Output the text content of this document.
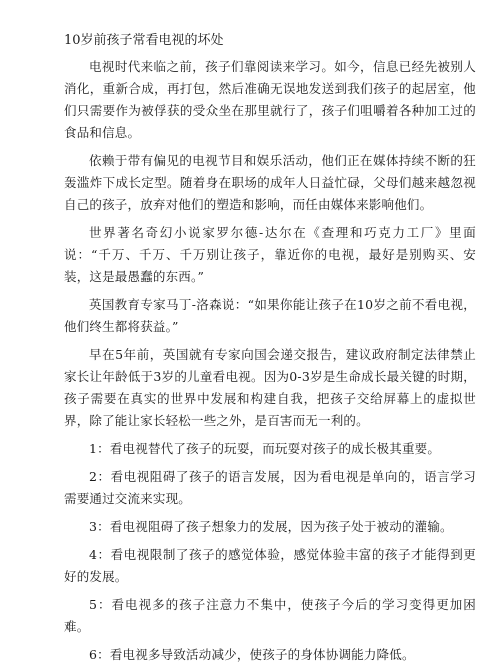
10岁前孩子常看电视的坏处

电视时代来临之前，孩子们靠阅读来学习。如今，信息已经先被别人消化，重新合成，再打包，然后准确无误地发送到我们孩子的起居室，他们只需要作为被俘获的受众坐在那里就行了，孩子们咀嚼着各种加工过的食品和信息。

依赖于带有偏见的电视节目和娱乐活动，他们正在媒体持续不断的狂轰滥炸下成长定型。随着身在职场的成年人日益忙碌，父母们越来越忽视自己的孩子，放弃对他们的塑造和影响，而任由媒体来影响他们。

世界著名奇幻小说家罗尔德-达尔在《查理和巧克力工厂》里面说：“千万、千万、千万别让孩子，靠近你的电视，最好是别购买、安装，这是最愚蠢的东西。”

英国教育专家马丁-洛森说：“如果你能让孩子在10岁之前不看电视，他们终生都将获益。”

早在5年前，英国就有专家向国会递交报告，建议政府制定法律禁止家长让年龄低于3岁的儿童看电视。因为0-3岁是生命成长最关键的时期，孩子需要在真实的世界中发展和构建自我，把孩子交给屏幕上的虚拟世界，除了能让家长轻松一些之外，是百害而无一利的。

1：看电视替代了孩子的玩耍，而玩耍对孩子的成长极其重要。

2：看电视阻碍了孩子的语言发展，因为看电视是单向的，语言学习需要通过交流来实现。

3：看电视阻碍了孩子想象力的发展，因为孩子处于被动的灌输。

4：看电视限制了孩子的感觉体验，感觉体验丰富的孩子才能得到更好的发展。

5：看电视多的孩子注意力不集中，使孩子今后的学习变得更加困难。

6：看电视多导致活动减少，使孩子的身体协调能力降低。
